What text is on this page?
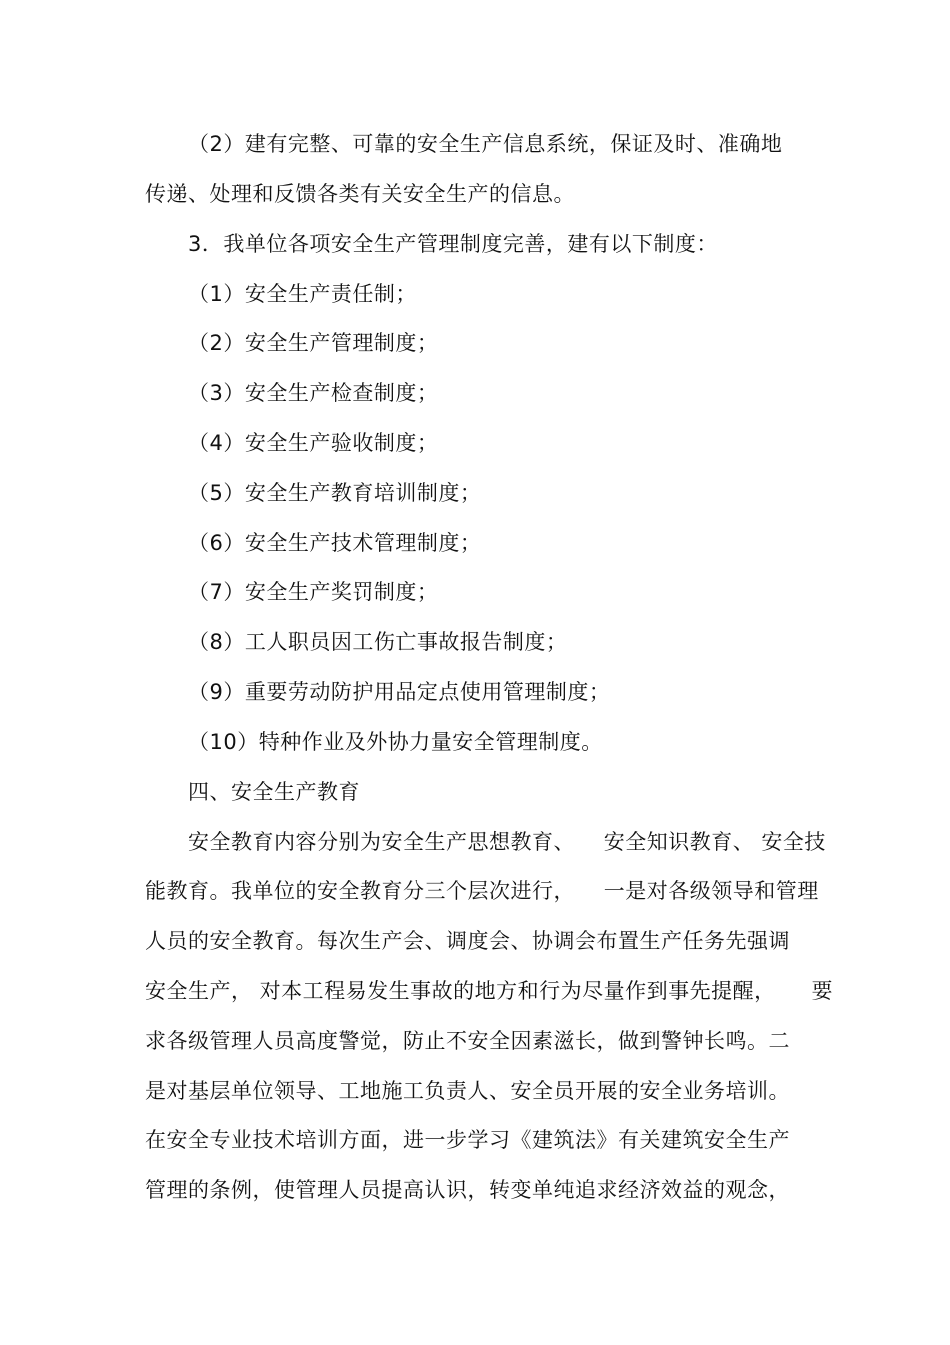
（2）建有完整、可靠的安全生产信息系统，保证及时、准确地
传递、处理和反馈各类有关安全生产的信息。
3．我单位各项安全生产管理制度完善，建有以下制度：
（1）安全生产责任制；
（2）安全生产管理制度；
（3）安全生产检查制度；
（4）安全生产验收制度；
（5）安全生产教育培训制度；
（6）安全生产技术管理制度；
（7）安全生产奖罚制度；
（8）工人职员因工伤亡事故报告制度；
（9）重要劳动防护用品定点使用管理制度；
（10）特种作业及外协力量安全管理制度。
四、安全生产教育
安全教育内容分别为安全生产思想教育、    安全知识教育、 安全技
能教育。我单位的安全教育分三个层次进行，    一是对各级领导和管理
人员的安全教育。每次生产会、调度会、协调会布置生产任务先强调
安全生产， 对本工程易发生事故的地方和行为尽量作到事先提醒，     要
求各级管理人员高度警觉，防止不安全因素滋长，做到警钟长鸣。二
是对基层单位领导、工地施工负责人、安全员开展的安全业务培训。
在安全专业技术培训方面，进一步学习《建筑法》有关建筑安全生产
管理的条例，使管理人员提高认识，转变单纯追求经济效益的观念，
